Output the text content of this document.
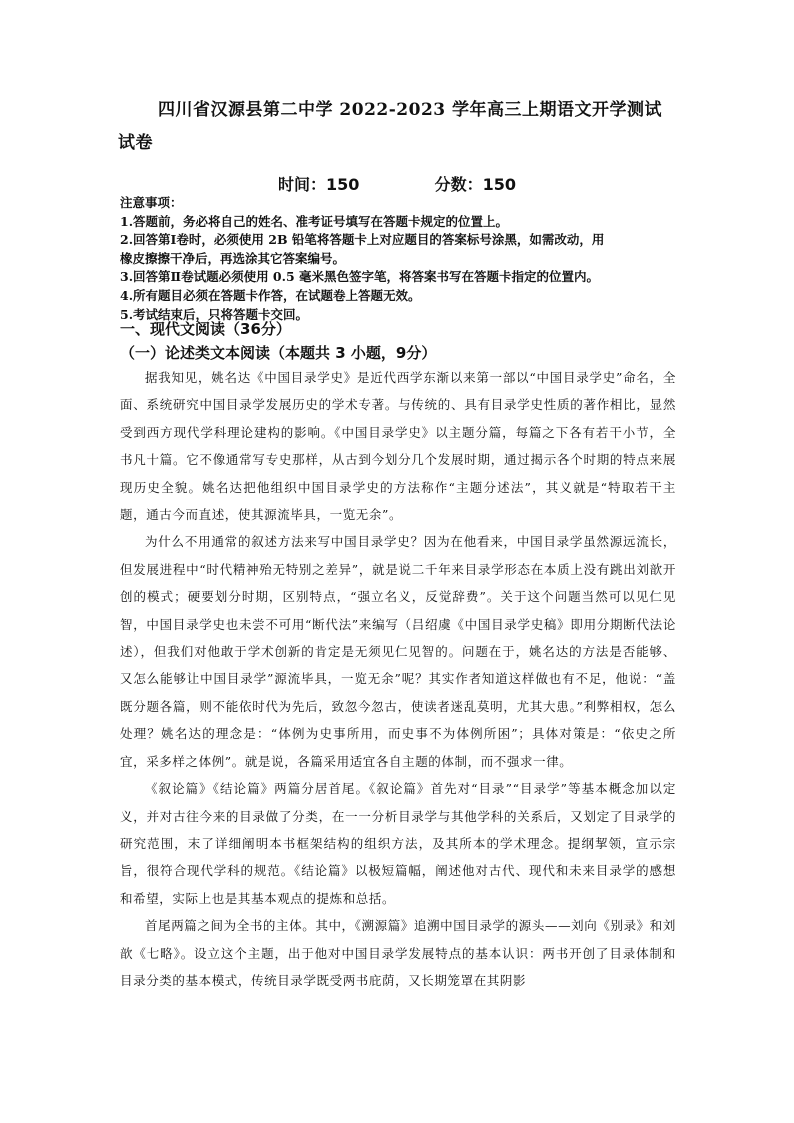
四川省汉源县第二中学 2022-2023 学年高三上期语文开学测试
试卷
时间：150	分数：150
注意事项：
1.答题前，务必将自己的姓名、准考证号填写在答题卡规定的位置上。
2.回答第Ⅰ卷时，必须使用 2B 铅笔将答题卡上对应题目的答案标号涂黑，如需改动，用
橡皮擦擦干净后，再选涂其它答案编号。
3.回答第Ⅱ卷试题必须使用 0.5 毫米黑色签字笔，将答案书写在答题卡指定的位置内。
4.所有题目必须在答题卡作答，在试题卷上答题无效。
5.考试结束后，只将答题卡交回。
一、现代文阅读（36分）
（一）论述类文本阅读（本题共 3 小题，9分）

据我知见，姚名达《中国目录学史》是近代西学东渐以来第一部以“中国目录学史”命名，全面、系统研究中国目录学发展历史的学术专著。与传统的、具有目录学史性质的著作相比，显然受到西方现代学科理论建构的影响。《中国目录学史》以主题分篇，每篇之下各有若干小节，全书凡十篇。它不像通常写专史那样，从古到今划分几个发展时期，通过揭示各个时期的特点来展现历史全貌。姚名达把他组织中国目录学史的方法称作“主题分述法”，其义就是“特取若干主题，通古今而直述，使其源流毕具，一览无余”。

为什么不用通常的叙述方法来写中国目录学史？因为在他看来，中国目录学虽然源远流长，但发展进程中“时代精神殆无特别之差异”，就是说二千年来目录学形态在本质上没有跳出刘歆开创的模式；硬要划分时期，区别特点，“强立名义，反觉辞费”。关于这个问题当然可以见仁见智，中国目录学史也未尝不可用“断代法”来编写（吕绍虞《中国目录学史稿》即用分期断代法论述），但我们对他敢于学术创新的肯定是无须见仁见智的。问题在于，姚名达的方法是否能够、又怎么能够让中国目录学”源流毕具，一览无余”呢？其实作者知道这样做也有不足，他说：“盖既分题各篇，则不能依时代为先后，致忽今忽古，使读者迷乱莫明，尤其大患。”利弊相权，怎么处理？姚名达的理念是：“体例为史事所用，而史事不为体例所困”；具体对策是：“依史之所宜，采多样之体例”。就是说，各篇采用适宜各自主题的体制，而不强求一律。

《叙论篇》《结论篇》两篇分居首尾。《叙论篇》首先对“目录”“目录学”等基本概念加以定义，并对古往今来的目录做了分类，在一一分析目录学与其他学科的关系后，又划定了目录学的研究范围，末了详细阐明本书框架结构的组织方法，及其所本的学术理念。提纲挈领，宣示宗旨，很符合现代学科的规范。《结论篇》以极短篇幅，阐述他对古代、现代和未来目录学的感想和希望，实际上也是其基本观点的提炼和总括。

首尾两篇之间为全书的主体。其中，《溯源篇》追溯中国目录学的源头——刘向《别录》和刘歆《七略》。设立这个主题，出于他对中国目录学发展特点的基本认识：两书开创了目录体制和目录分类的基本模式，传统目录学既受两书庇荫，又长期笼罩在其阴影
